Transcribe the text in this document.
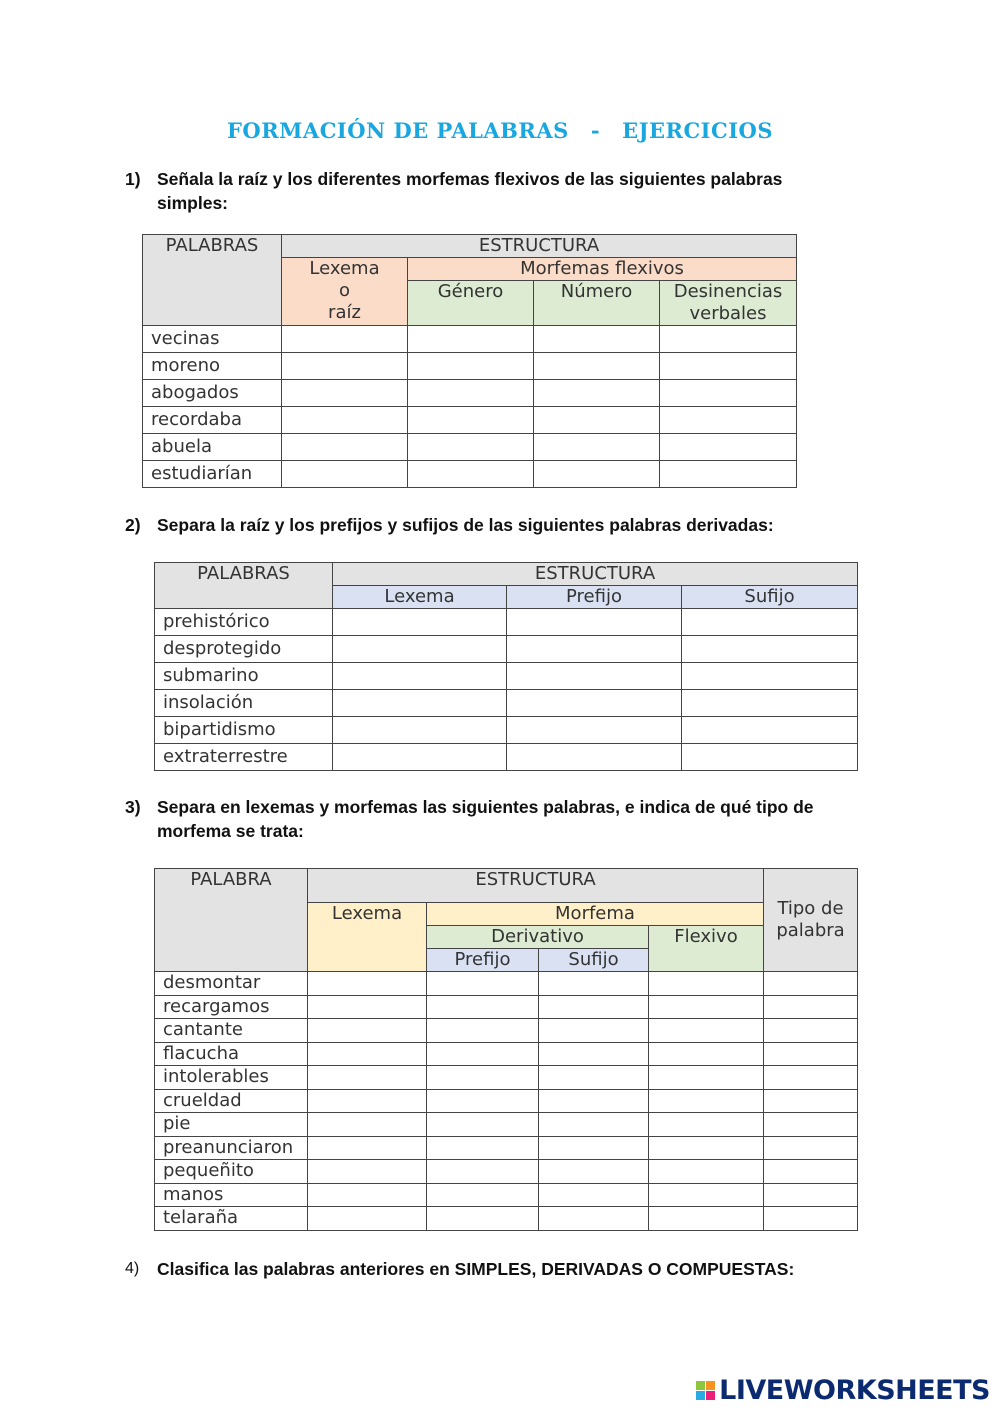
FORMACIÓN DE PALABRAS - EJERCICIOS
1) Señala la raíz y los diferentes morfemas flexivos de las siguientes palabras simples:
PALABRAS	ESTRUCTURA			

	Lexema
o
raíz	Morfemas flexivos		
		Género	Número	Desinencias
verbales

vecinas				
moreno				
abogados				
recordaba				
abuela				
estudiarían				
2) Separa la raíz y los prefijos y sufijos de las siguientes palabras derivadas:
PALABRAS	ESTRUCTURA		
	Lexema	Prefijo	Sufijo
prehistórico			
desprotegido			
submarino			
insolación			
bipartidismo			
extraterrestre			
3) Separa en lexemas y morfemas las siguientes palabras, e indica de qué tipo de morfema se trata:
PALABRA	ESTRUCTURA				Tipo de
palabra

	Lexema	Morfema			
		Derivativo		Flexivo	
		Prefijo	Sufijo		
desmontar					
recargamos					
cantante					
flacucha					
intolerables					
crueldad					
pie					
preanunciaron					
pequeñito					
manos					
telaraña					
4) Clasifica las palabras anteriores en SIMPLES, DERIVADAS O COMPUESTAS:
LIVEWORKSHEETS
